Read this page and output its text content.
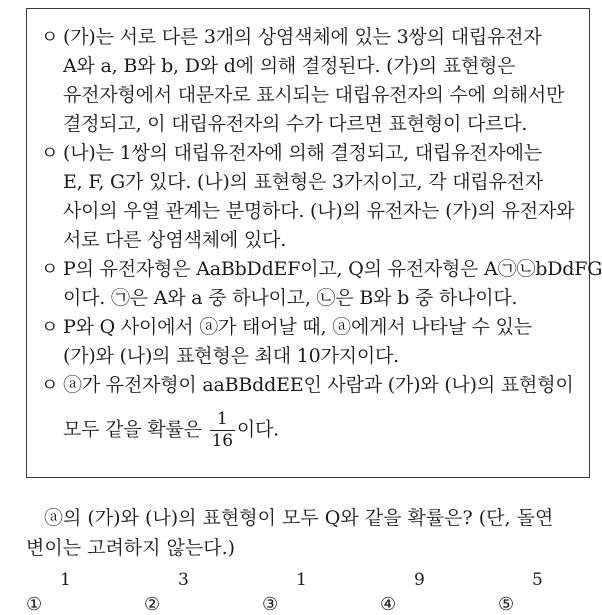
ㅇ (가)는 서로 다른 3개의 상염색체에 있는 3쌍의 대립유전자
A와 a, B와 b, D와 d에 의해 결정된다. (가)의 표현형은
유전자형에서 대문자로 표시되는 대립유전자의 수에 의해서만
결정되고, 이 대립유전자의 수가 다르면 표현형이 다르다.
ㅇ (나)는 1쌍의 대립유전자에 의해 결정되고, 대립유전자에는
E, F, G가 있다. (나)의 표현형은 3가지이고, 각 대립유전자
사이의 우열 관계는 분명하다. (나)의 유전자는 (가)의 유전자와
서로 다른 상염색체에 있다.
ㅇ P의 유전자형은 AaBbDdEF이고, Q의 유전자형은 A㉠㉡bDdFG
이다. ㉠은 A와 a 중 하나이고, ㉡은 B와 b 중 하나이다.
ㅇ P와 Q 사이에서 ⓐ가 태어날 때, ⓐ에게서 나타날 수 있는
(가)와 (나)의 표현형은 최대 10가지이다.
ㅇ ⓐ가 유전자형이 aaBBddEE인 사람과 (가)와 (나)의 표현형이
모두 같을 확률은 $\frac{1}{16}$ 이다.
ⓐ의 (가)와 (나)의 표현형이 모두 Q와 같을 확률은? (단, 돌연
변이는 고려하지 않는다.)
①
1
②
3
③
1
④
9
⑤
5
